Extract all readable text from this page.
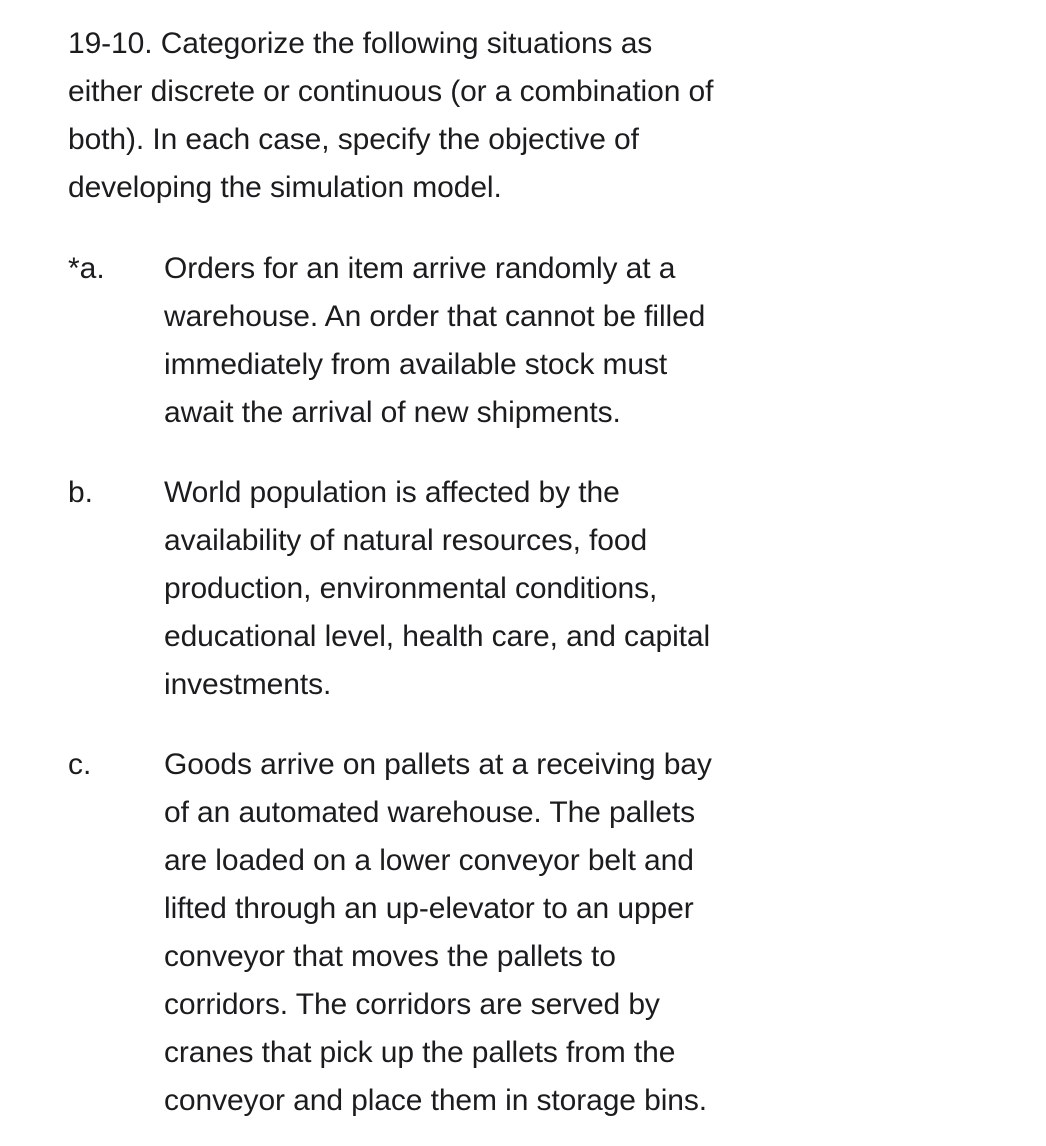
19-10. Categorize the following situations as
either discrete or continuous (or a combination of
both). In each case, specify the objective of
developing the simulation model.

*a.	Orders for an item arrive randomly at a
warehouse. An order that cannot be filled
immediately from available stock must
await the arrival of new shipments.
b.	World population is affected by the
availability of natural resources, food
production, environmental conditions,
educational level, health care, and capital
investments.
c.	Goods arrive on pallets at a receiving bay
of an automated warehouse. The pallets
are loaded on a lower conveyor belt and
lifted through an up-elevator to an upper
conveyor that moves the pallets to
corridors. The corridors are served by
cranes that pick up the pallets from the
conveyor and place them in storage bins.
